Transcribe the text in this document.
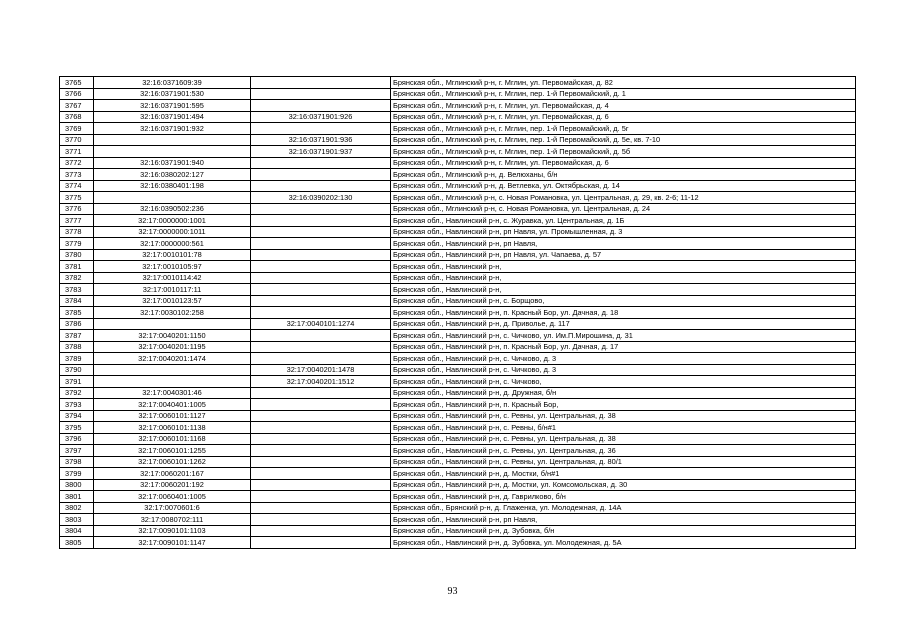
3765	32:16:0371609:39		Брянская обл., Мглинский р-н, г. Мглин, ул. Первомайская, д. 82
3766	32:16:0371901:530		Брянская обл., Мглинский р-н, г. Мглин, пер. 1-й Первомайский, д. 1
3767	32:16:0371901:595		Брянская обл., Мглинский р-н, г. Мглин, ул. Первомайская, д. 4
3768	32:16:0371901:494	32:16:0371901:926	Брянская обл., Мглинский р-н, г. Мглин, ул. Первомайская, д. 6
3769	32:16:0371901:932		Брянская обл., Мглинский р-н, г. Мглин, пер. 1-й Первомайский, д. 5г
3770		32:16:0371901:936	Брянская обл., Мглинский р-н, г. Мглин, пер. 1-й Первомайский, д. 5е, кв. 7-10
3771		32:16:0371901:937	Брянская обл., Мглинский р-н, г. Мглин, пер. 1-й Первомайский, д. 5б
3772	32:16:0371901:940		Брянская обл., Мглинский р-н, г. Мглин, ул. Первомайская, д. 6
3773	32:16:0380202:127		Брянская обл., Мглинский р-н, д. Велюханы, б/н
3774	32:16:0380401:198		Брянская обл., Мглинский р-н, д. Ветлевка, ул. Октябрьская, д. 14
3775		32:16:0390202:130	Брянская обл., Мглинский р-н, с. Новая Романовка, ул. Центральная, д. 29, кв. 2-6; 11-12
3776	32:16:0390502:236		Брянская обл., Мглинский р-н, с. Новая Романовка, ул. Центральная, д. 24
3777	32:17:0000000:1001		Брянская обл., Навлинский р-н, с. Журавка, ул. Центральная, д. 1Б
3778	32:17:0000000:1011		Брянская обл., Навлинский р-н, рп Навля, ул. Промышленная, д. 3
3779	32:17:0000000:561		Брянская обл., Навлинский р-н, рп Навля,
3780	32:17:0010101:78		Брянская обл., Навлинский р-н, рп Навля, ул. Чапаева, д. 57
3781	32:17:0010105:97		Брянская обл., Навлинский р-н,
3782	32:17:0010114:42		Брянская обл., Навлинский р-н,
3783	32:17:0010117:11		Брянская обл., Навлинский р-н,
3784	32:17:0010123:57		Брянская обл., Навлинский р-н, с. Борщово,
3785	32:17:0030102:258		Брянская обл., Навлинский р-н, п. Красный Бор, ул. Дачная, д. 18
3786		32:17:0040101:1274	Брянская обл., Навлинский р-н, д. Приволье, д. 117
3787	32:17:0040201:1150		Брянская обл., Навлинский р-н, с. Чичково, ул. Им.П.Мирошина, д. 31
3788	32:17:0040201:1195		Брянская обл., Навлинский р-н, п. Красный Бор, ул. Дачная, д. 17
3789	32:17:0040201:1474		Брянская обл., Навлинский р-н, с. Чичково, д. 3
3790		32:17:0040201:1478	Брянская обл., Навлинский р-н, с. Чичково, д. 3
3791		32:17:0040201:1512	Брянская обл., Навлинский р-н, с. Чичково,
3792	32:17:0040301:46		Брянская обл., Навлинский р-н, д. Дружная, б/н
3793	32:17:0040401:1005		Брянская обл., Навлинский р-н, п. Красный Бор,
3794	32:17:0060101:1127		Брянская обл., Навлинский р-н, с. Ревны, ул. Центральная, д. 38
3795	32:17:0060101:1138		Брянская обл., Навлинский р-н, с. Ревны, б/н#1
3796	32:17:0060101:1168		Брянская обл., Навлинский р-н, с. Ревны, ул. Центральная, д. 38
3797	32:17:0060101:1255		Брянская обл., Навлинский р-н, с. Ревны, ул. Центральная, д. 36
3798	32:17:0060101:1262		Брянская обл., Навлинский р-н, с. Ревны, ул. Центральная, д. 80/1
3799	32:17:0060201:167		Брянская обл., Навлинский р-н, д. Мостки, б/н#1
3800	32:17:0060201:192		Брянская обл., Навлинский р-н, д. Мостки, ул. Комсомольская, д. 30
3801	32:17:0060401:1005		Брянская обл., Навлинский р-н, д. Гаврилково, б/н
3802	32:17:0070601:6		Брянская обл., Брянский р-н, д. Глаженка, ул. Молодежная, д. 14А
3803	32:17:0080702:111		Брянская обл., Навлинский р-н, рп Навля,
3804	32:17:0090101:1103		Брянская обл., Навлинский р-н, д. Зубовка, б/н
3805	32:17:0090101:1147		Брянская обл., Навлинский р-н, д. Зубовка, ул. Молодежная, д. 5А
93
